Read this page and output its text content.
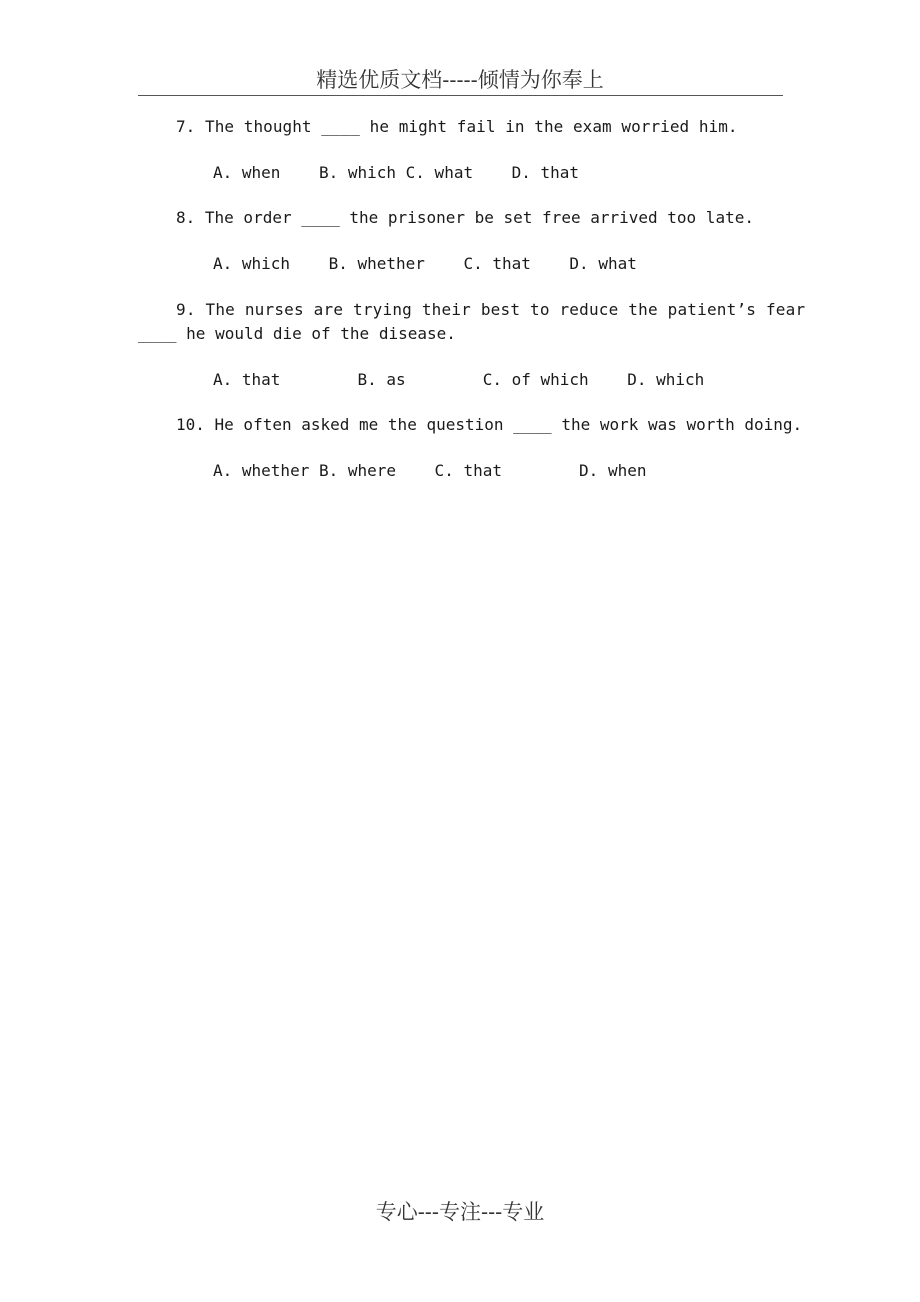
精选优质文档-----倾情为你奉上
7. The thought ____ he might fail in the exam worried him.
A. when    B. which C. what    D. that
8. The order ____ the prisoner be set free arrived too late.
A. which    B. whether    C. that    D. what
9. The nurses are trying their best to reduce the patient’s fear
____ he would die of the disease.
A. that        B. as        C. of which    D. which
10. He often asked me the question ____ the work was worth doing.
A. whether B. where    C. that        D. when
专心---专注---专业
